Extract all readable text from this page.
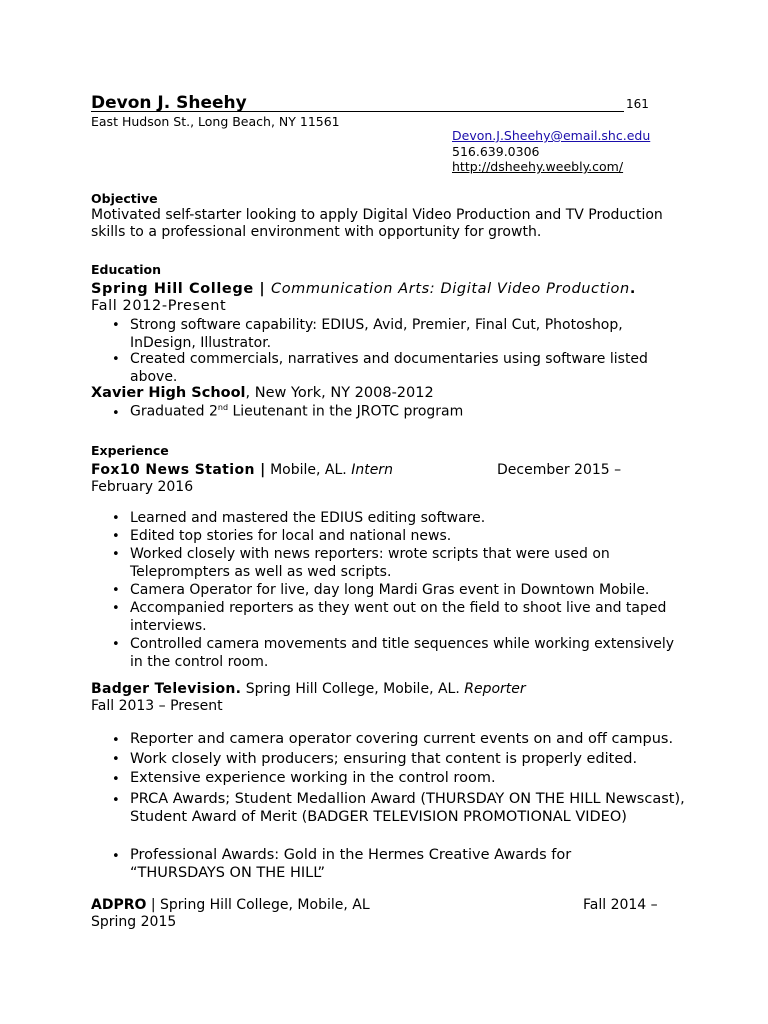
Devon J. Sheehy	161
East Hudson St., Long Beach, NY 11561
Devon.J.Sheehy@email.shc.edu
516.639.0306
http://dsheehy.weebly.com/
Objective
Motivated self-starter looking to apply Digital Video Production and TV Production
skills to a professional environment with opportunity for growth.
Education
Spring Hill College | Communication Arts: Digital Video Production.
Fall 2012-Present
• Strong software capability: EDIUS, Avid, Premier, Final Cut, Photoshop, InDesign, Illustrator.
• Created commercials, narratives and documentaries using software listed above.
Xavier High School, New York, NY 2008-2012
• Graduated 2nd Lieutenant in the JROTC program
Experience
Fox10 News Station | Mobile, AL. Intern	December 2015 –
February 2016
• Learned and mastered the EDIUS editing software.
• Edited top stories for local and national news.
• Worked closely with news reporters: wrote scripts that were used on Teleprompters as well as wed scripts.
• Camera Operator for live, day long Mardi Gras event in Downtown Mobile.
• Accompanied reporters as they went out on the field to shoot live and taped interviews.
• Controlled camera movements and title sequences while working extensively in the control room.
Badger Television. Spring Hill College, Mobile, AL. Reporter
Fall 2013 – Present
• Reporter and camera operator covering current events on and off campus.
• Work closely with producers; ensuring that content is properly edited.
• Extensive experience working in the control room.
• PRCA Awards; Student Medallion Award (THURSDAY ON THE HILL Newscast), Student Award of Merit (BADGER TELEVISION PROMOTIONAL VIDEO)
• Professional Awards: Gold in the Hermes Creative Awards for “THURSDAYS ON THE HILL”
ADPRO | Spring Hill College, Mobile, AL	Fall 2014 –
Spring 2015
